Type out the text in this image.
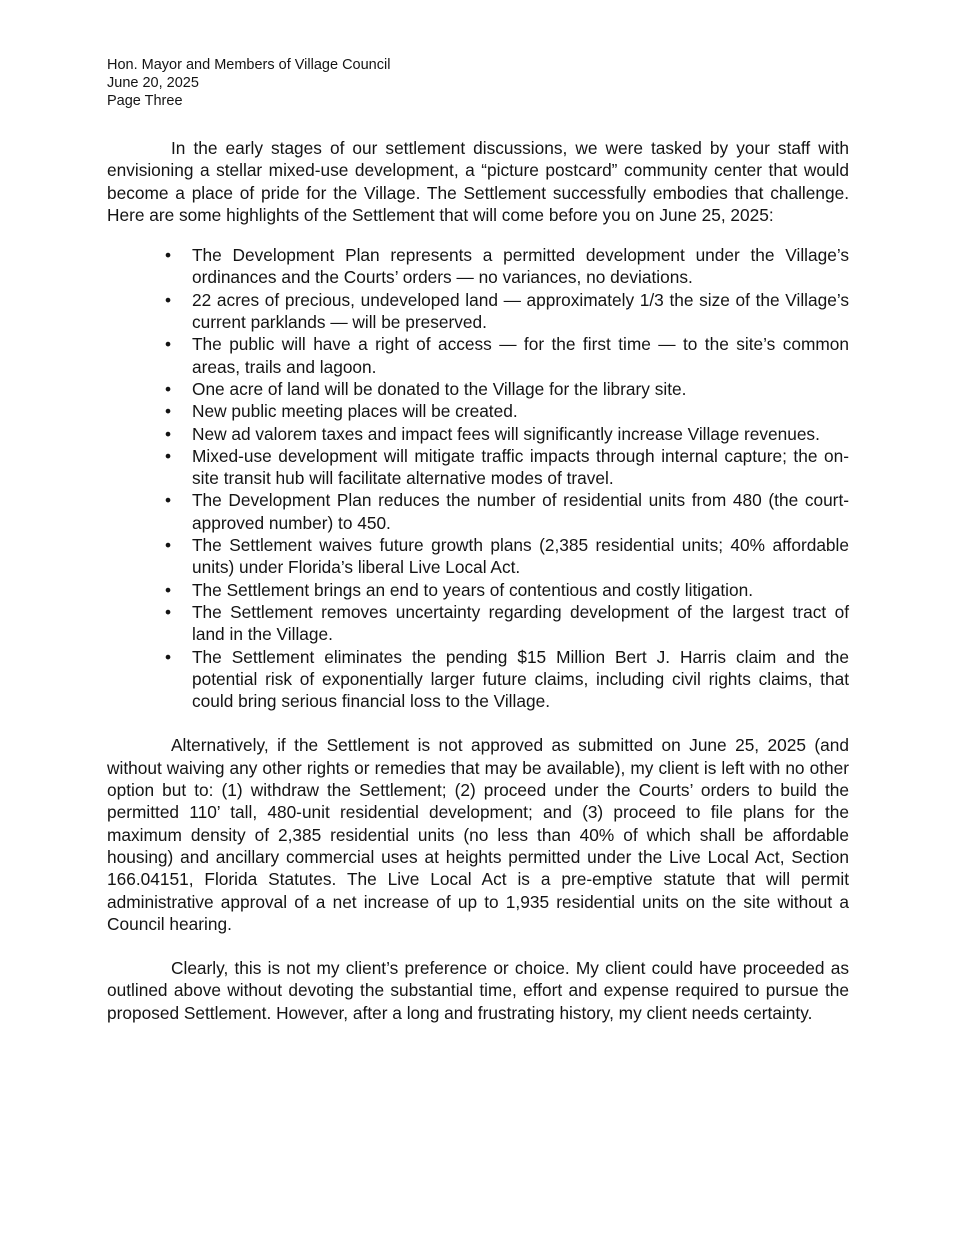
Hon. Mayor and Members of Village Council
June 20, 2025
Page Three

In the early stages of our settlement discussions, we were tasked by your staff with envisioning a stellar mixed-use development, a “picture postcard” community center that would become a place of pride for the Village. The Settlement successfully embodies that challenge. Here are some highlights of the Settlement that will come before you on June 25, 2025:

• The Development Plan represents a permitted development under the Village’s ordinances and the Courts’ orders — no variances, no deviations.
• 22 acres of precious, undeveloped land — approximately 1/3 the size of the Village’s current parklands — will be preserved.
• The public will have a right of access — for the first time — to the site’s common areas, trails and lagoon.
• One acre of land will be donated to the Village for the library site.
• New public meeting places will be created.
• New ad valorem taxes and impact fees will significantly increase Village revenues.
• Mixed-use development will mitigate traffic impacts through internal capture; the on-site transit hub will facilitate alternative modes of travel.
• The Development Plan reduces the number of residential units from 480 (the court-approved number) to 450.
• The Settlement waives future growth plans (2,385 residential units; 40% affordable units) under Florida’s liberal Live Local Act.
• The Settlement brings an end to years of contentious and costly litigation.
• The Settlement removes uncertainty regarding development of the largest tract of land in the Village.
• The Settlement eliminates the pending $15 Million Bert J. Harris claim and the potential risk of exponentially larger future claims, including civil rights claims, that could bring serious financial loss to the Village.

Alternatively, if the Settlement is not approved as submitted on June 25, 2025 (and without waiving any other rights or remedies that may be available), my client is left with no other option but to: (1) withdraw the Settlement; (2) proceed under the Courts’ orders to build the permitted 110’ tall, 480-unit residential development; and (3) proceed to file plans for the maximum density of 2,385 residential units (no less than 40% of which shall be affordable housing) and ancillary commercial uses at heights permitted under the Live Local Act, Section 166.04151, Florida Statutes. The Live Local Act is a pre-emptive statute that will permit administrative approval of a net increase of up to 1,935 residential units on the site without a Council hearing.

Clearly, this is not my client’s preference or choice. My client could have proceeded as outlined above without devoting the substantial time, effort and expense required to pursue the proposed Settlement. However, after a long and frustrating history, my client needs certainty.
